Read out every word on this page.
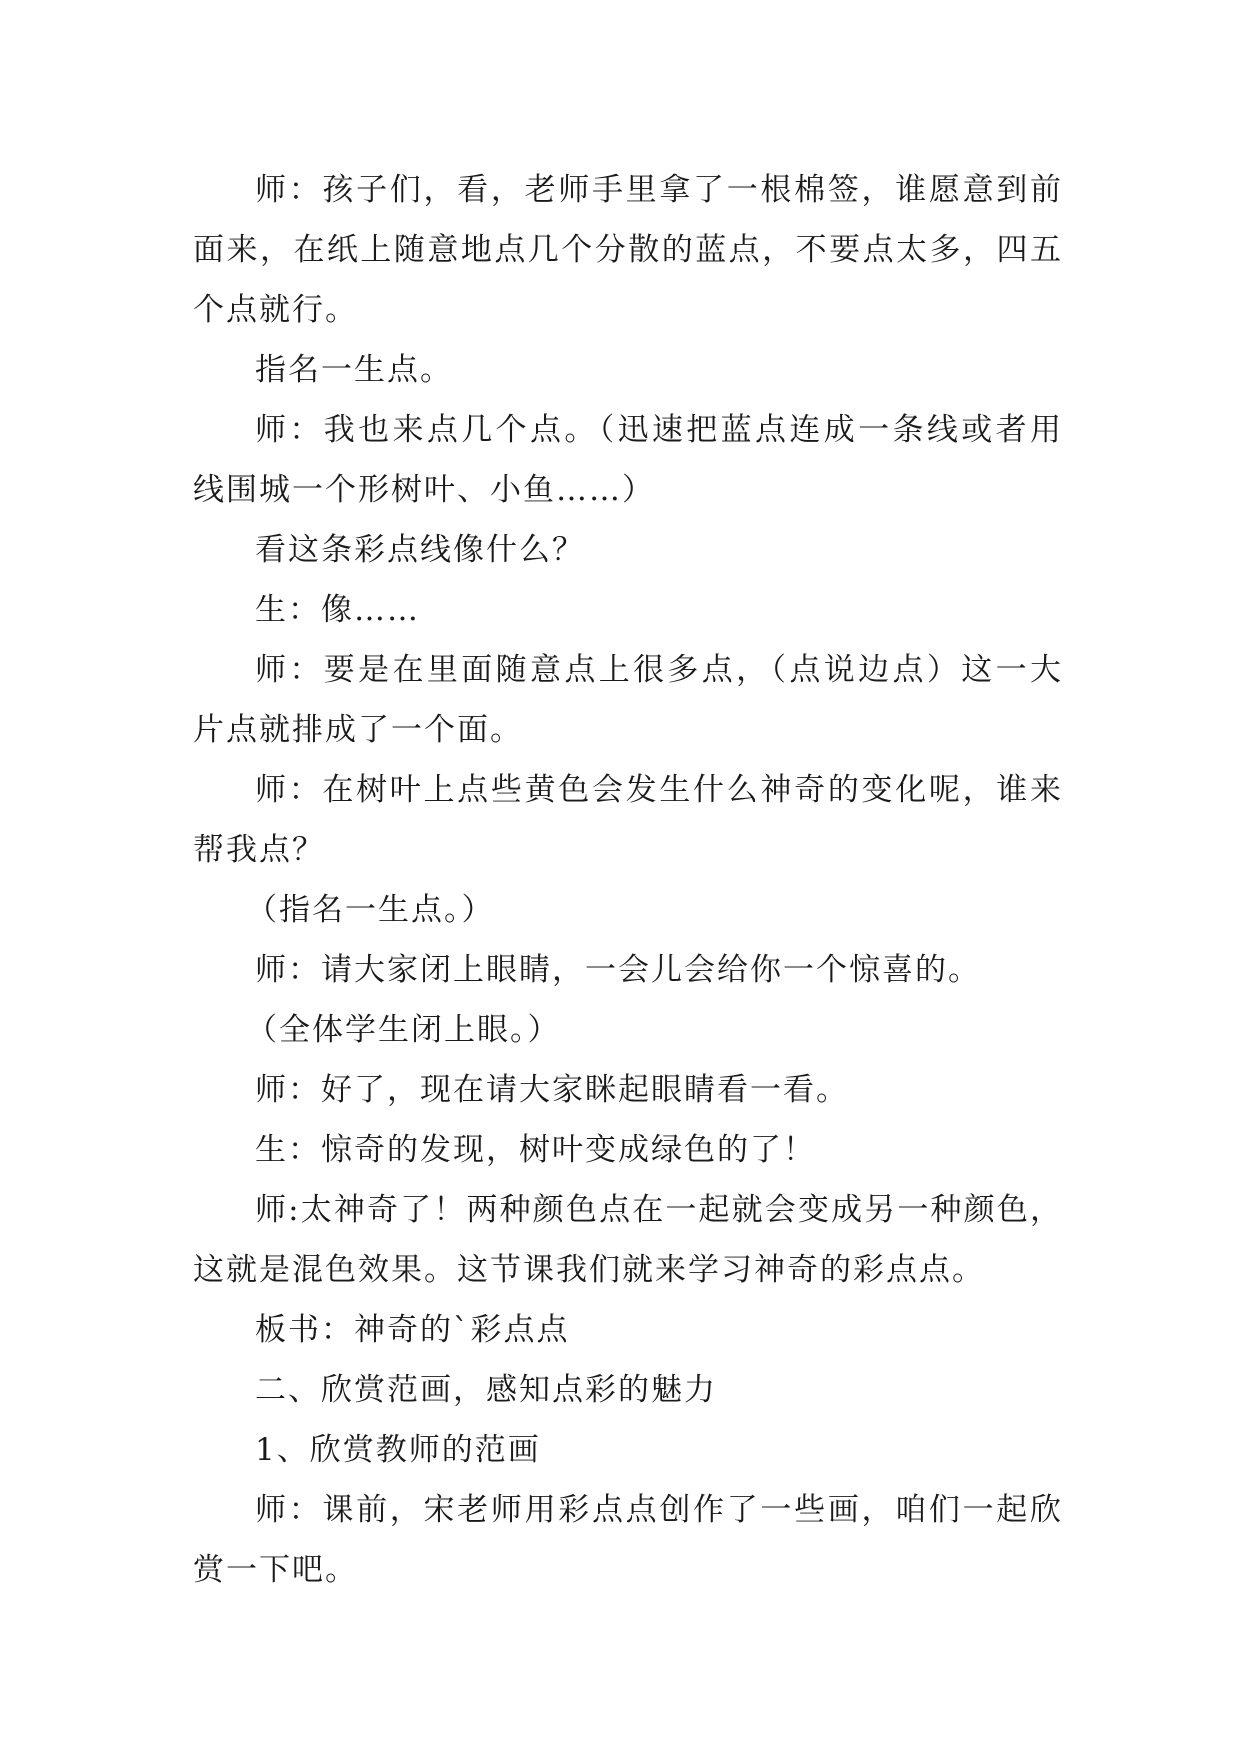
师：孩子们，看，老师手里拿了一根棉签，谁愿意到前面来，在纸上随意地点几个分散的蓝点，不要点太多，四五个点就行。

指名一生点。

师：我也来点几个点。（迅速把蓝点连成一条线或者用线围城一个形树叶、小鱼……）

看这条彩点线像什么？

生：像……

师：要是在里面随意点上很多点，（点说边点）这一大片点就排成了一个面。

师：在树叶上点些黄色会发生什么神奇的变化呢，谁来帮我点？

（指名一生点。）

师：请大家闭上眼睛，一会儿会给你一个惊喜的。

（全体学生闭上眼。）

师：好了，现在请大家眯起眼睛看一看。

生：惊奇的发现，树叶变成绿色的了！

师:太神奇了！两种颜色点在一起就会变成另一种颜色，这就是混色效果。这节课我们就来学习神奇的彩点点。

板书：神奇的`彩点点

二、欣赏范画，感知点彩的魅力

1、欣赏教师的范画

师：课前，宋老师用彩点点创作了一些画，咱们一起欣赏一下吧。
